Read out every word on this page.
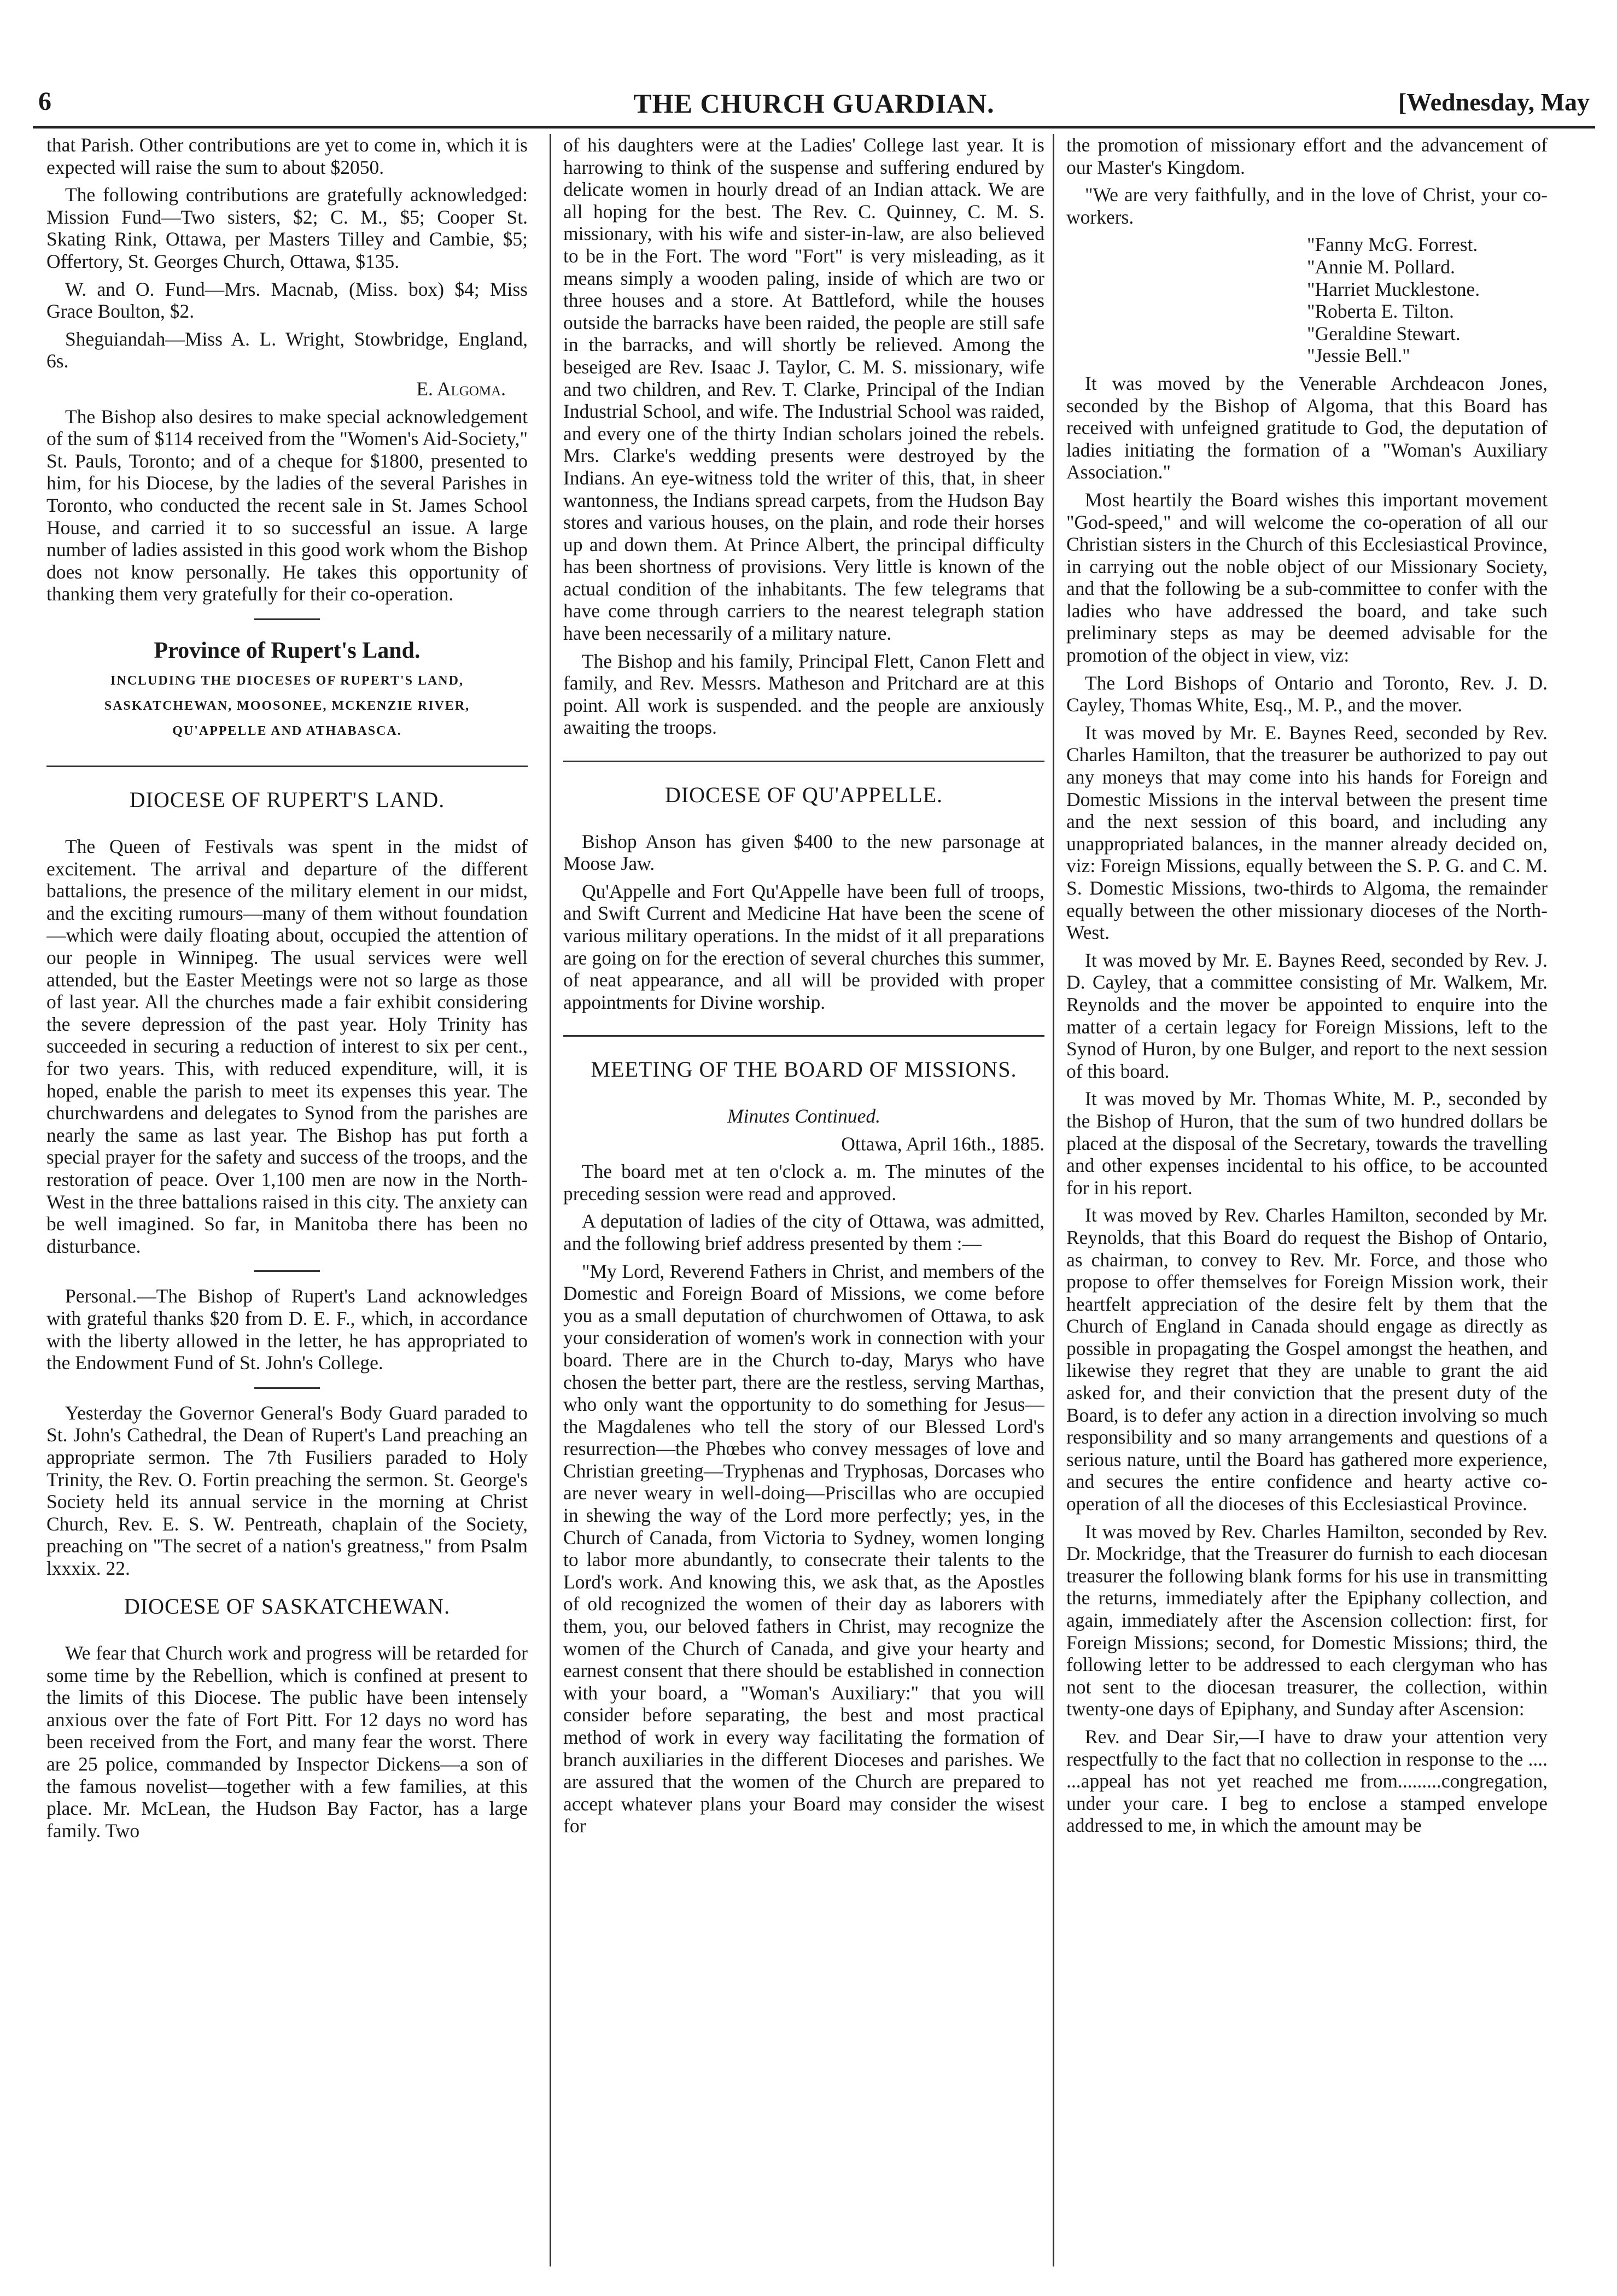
6	THE CHURCH GUARDIAN.	[Wednesday, May

that Parish. Other contributions are yet to come in, which it is expected will raise the sum to about $2050.

The following contributions are gratefully acknowledged: Mission Fund—Two sisters, $2; C. M., $5; Cooper St. Skating Rink, Ottawa, per Masters Tilley and Cambie, $5; Offertory, St. Georges Church, Ottawa, $135.

W. and O. Fund—Mrs. Macnab, (Miss. box) $4; Miss Grace Boulton, $2.

Sheguiandah—Miss A. L. Wright, Stowbridge, England, 6s.

E. Algoma.

The Bishop also desires to make special acknowledgement of the sum of $114 received from the "Women's Aid-Society," St. Pauls, Toronto; and of a cheque for $1800, presented to him, for his Diocese, by the ladies of the several Parishes in Toronto, who conducted the recent sale in St. James School House, and carried it to so successful an issue. A large number of ladies assisted in this good work whom the Bishop does not know personally. He takes this opportunity of thanking them very gratefully for their co-operation.

Province of Rupert's Land.
INCLUDING THE DIOCESES OF RUPERT'S LAND, SASKATCHEWAN, MOOSONEE, MCKENZIE RIVER, QU'APPELLE AND ATHABASCA.
DIOCESE OF RUPERT'S LAND.

The Queen of Festivals was spent in the midst of excitement. The arrival and departure of the different battalions, the presence of the military element in our midst, and the exciting rumours—many of them without foundation—which were daily floating about, occupied the attention of our people in Winnipeg. The usual services were well attended, but the Easter Meetings were not so large as those of last year. All the churches made a fair exhibit considering the severe depression of the past year. Holy Trinity has succeeded in securing a reduction of interest to six per cent., for two years. This, with reduced expenditure, will, it is hoped, enable the parish to meet its expenses this year. The churchwardens and delegates to Synod from the parishes are nearly the same as last year. The Bishop has put forth a special prayer for the safety and success of the troops, and the restoration of peace. Over 1,100 men are now in the North-West in the three battalions raised in this city. The anxiety can be well imagined. So far, in Manitoba there has been no disturbance.

Personal.—The Bishop of Rupert's Land acknowledges with grateful thanks $20 from D. E. F., which, in accordance with the liberty allowed in the letter, he has appropriated to the Endowment Fund of St. John's College.

Yesterday the Governor General's Body Guard paraded to St. John's Cathedral, the Dean of Rupert's Land preaching an appropriate sermon. The 7th Fusiliers paraded to Holy Trinity, the Rev. O. Fortin preaching the sermon. St. George's Society held its annual service in the morning at Christ Church, Rev. E. S. W. Pentreath, chaplain of the Society, preaching on "The secret of a nation's greatness," from Psalm lxxxix. 22.

DIOCESE OF SASKATCHEWAN.

We fear that Church work and progress will be retarded for some time by the Rebellion, which is confined at present to the limits of this Diocese. The public have been intensely anxious over the fate of Fort Pitt. For 12 days no word has been received from the Fort, and many fear the worst. There are 25 police, commanded by Inspector Dickens—a son of the famous novelist—together with a few families, at this place. Mr. McLean, the Hudson Bay Factor, has a large family. Two

of his daughters were at the Ladies' College last year. It is harrowing to think of the suspense and suffering endured by delicate women in hourly dread of an Indian attack. We are all hoping for the best. The Rev. C. Quinney, C. M. S. missionary, with his wife and sister-in-law, are also believed to be in the Fort. The word "Fort" is very misleading, as it means simply a wooden paling, inside of which are two or three houses and a store. At Battleford, while the houses outside the barracks have been raided, the people are still safe in the barracks, and will shortly be relieved. Among the beseiged are Rev. Isaac J. Taylor, C. M. S. missionary, wife and two children, and Rev. T. Clarke, Principal of the Indian Industrial School, and wife. The Industrial School was raided, and every one of the thirty Indian scholars joined the rebels. Mrs. Clarke's wedding presents were destroyed by the Indians. An eye-witness told the writer of this, that, in sheer wantonness, the Indians spread carpets, from the Hudson Bay stores and various houses, on the plain, and rode their horses up and down them. At Prince Albert, the principal difficulty has been shortness of provisions. Very little is known of the actual condition of the inhabitants. The few telegrams that have come through carriers to the nearest telegraph station have been necessarily of a military nature.

The Bishop and his family, Principal Flett, Canon Flett and family, and Rev. Messrs. Matheson and Pritchard are at this point. All work is suspended. and the people are anxiously awaiting the troops.

DIOCESE OF QU'APPELLE.

Bishop Anson has given $400 to the new parsonage at Moose Jaw.

Qu'Appelle and Fort Qu'Appelle have been full of troops, and Swift Current and Medicine Hat have been the scene of various military operations. In the midst of it all preparations are going on for the erection of several churches this summer, of neat appearance, and all will be provided with proper appointments for Divine worship.

MEETING OF THE BOARD OF MISSIONS.

Minutes Continued.

Ottawa, April 16th., 1885.

The board met at ten o'clock a. m. The minutes of the preceding session were read and approved.

A deputation of ladies of the city of Ottawa, was admitted, and the following brief address presented by them :—

"My Lord, Reverend Fathers in Christ, and members of the Domestic and Foreign Board of Missions, we come before you as a small deputation of churchwomen of Ottawa, to ask your consideration of women's work in connection with your board. There are in the Church to-day, Marys who have chosen the better part, there are the restless, serving Marthas, who only want the opportunity to do something for Jesus—the Magdalenes who tell the story of our Blessed Lord's resurrection—the Phœbes who convey messages of love and Christian greeting—Tryphenas and Tryphosas, Dorcases who are never weary in well-doing—Priscillas who are occupied in shewing the way of the Lord more perfectly; yes, in the Church of Canada, from Victoria to Sydney, women longing to labor more abundantly, to consecrate their talents to the Lord's work. And knowing this, we ask that, as the Apostles of old recognized the women of their day as laborers with them, you, our beloved fathers in Christ, may recognize the women of the Church of Canada, and give your hearty and earnest consent that there should be established in connection with your board, a "Woman's Auxiliary:" that you will consider before separating, the best and most practical method of work in every way facilitating the formation of branch auxiliaries in the different Dioceses and parishes. We are assured that the women of the Church are prepared to accept whatever plans your Board may consider the wisest for

the promotion of missionary effort and the advancement of our Master's Kingdom.

"We are very faithfully, and in the love of Christ, your co-workers.

"Fanny McG. Forrest.

"Annie M. Pollard.

"Harriet Mucklestone.

"Roberta E. Tilton.

"Geraldine Stewart.

"Jessie Bell."

It was moved by the Venerable Archdeacon Jones, seconded by the Bishop of Algoma, that this Board has received with unfeigned gratitude to God, the deputation of ladies initiating the formation of a "Woman's Auxiliary Association."

Most heartily the Board wishes this important movement "God-speed," and will welcome the co-operation of all our Christian sisters in the Church of this Ecclesiastical Province, in carrying out the noble object of our Missionary Society, and that the following be a sub-committee to confer with the ladies who have addressed the board, and take such preliminary steps as may be deemed advisable for the promotion of the object in view, viz:

The Lord Bishops of Ontario and Toronto, Rev. J. D. Cayley, Thomas White, Esq., M. P., and the mover.

It was moved by Mr. E. Baynes Reed, seconded by Rev. Charles Hamilton, that the treasurer be authorized to pay out any moneys that may come into his hands for Foreign and Domestic Missions in the interval between the present time and the next session of this board, and including any unappropriated balances, in the manner already decided on, viz: Foreign Missions, equally between the S. P. G. and C. M. S. Domestic Missions, two-thirds to Algoma, the remainder equally between the other missionary dioceses of the North-West.

It was moved by Mr. E. Baynes Reed, seconded by Rev. J. D. Cayley, that a committee consisting of Mr. Walkem, Mr. Reynolds and the mover be appointed to enquire into the matter of a certain legacy for Foreign Missions, left to the Synod of Huron, by one Bulger, and report to the next session of this board.

It was moved by Mr. Thomas White, M. P., seconded by the Bishop of Huron, that the sum of two hundred dollars be placed at the disposal of the Secretary, towards the travelling and other expenses incidental to his office, to be accounted for in his report.

It was moved by Rev. Charles Hamilton, seconded by Mr. Reynolds, that this Board do request the Bishop of Ontario, as chairman, to convey to Rev. Mr. Force, and those who propose to offer themselves for Foreign Mission work, their heartfelt appreciation of the desire felt by them that the Church of England in Canada should engage as directly as possible in propagating the Gospel amongst the heathen, and likewise they regret that they are unable to grant the aid asked for, and their conviction that the present duty of the Board, is to defer any action in a direction involving so much responsibility and so many arrangements and questions of a serious nature, until the Board has gathered more experience, and secures the entire confidence and hearty active co-operation of all the dioceses of this Ecclesiastical Province.

It was moved by Rev. Charles Hamilton, seconded by Rev. Dr. Mockridge, that the Treasurer do furnish to each diocesan treasurer the following blank forms for his use in transmitting the returns, immediately after the Epiphany collection, and again, immediately after the Ascension collection: first, for Foreign Missions; second, for Domestic Missions; third, the following letter to be addressed to each clergyman who has not sent to the diocesan treasurer, the collection, within twenty-one days of Epiphany, and Sunday after Ascension:

Rev. and Dear Sir,—I have to draw your attention very respectfully to the fact that no collection in response to the .... ...appeal has not yet reached me from.........congregation, under your care. I beg to enclose a stamped envelope addressed to me, in which the amount may be
